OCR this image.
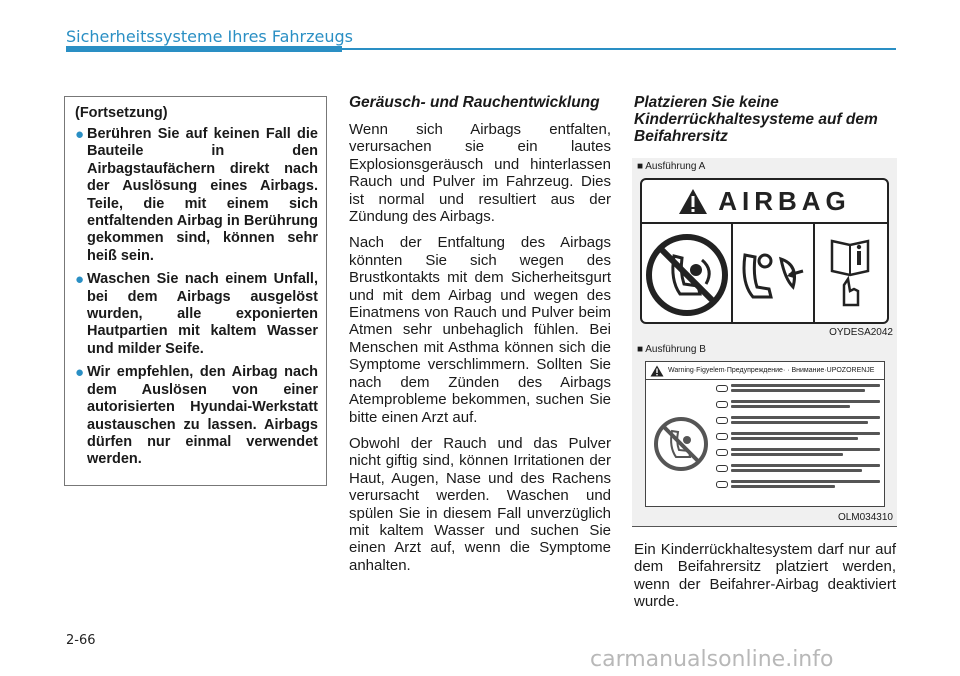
Sicherheitssysteme Ihres Fahrzeugs
(Fortsetzung)
● Berühren Sie auf keinen Fall die Bauteile in den Airbagstaufächern direkt nach der Auslösung eines Airbags. Teile, die mit einem sich entfaltenden Airbag in Berührung gekommen sind, können sehr heiß sein.
● Waschen Sie nach einem Unfall, bei dem Airbags ausgelöst wurden, alle exponierten Hautpartien mit kaltem Wasser und milder Seife.
● Wir empfehlen, den Airbag nach dem Auslösen von einer autorisierten Hyundai-Werkstatt austauschen zu lassen. Airbags dürfen nur einmal verwendet werden.
Geräusch- und Rauchentwicklung

Wenn sich Airbags entfalten, verursachen sie ein lautes Explosionsgeräusch und hinterlassen Rauch und Pulver im Fahrzeug. Dies ist normal und resultiert aus der Zündung des Airbags.

Nach der Entfaltung des Airbags könnten Sie sich wegen des Brustkontakts mit dem Sicherheitsgurt und mit dem Airbag und wegen des Einatmens von Rauch und Pulver beim Atmen sehr unbehaglich fühlen. Bei Menschen mit Asthma können sich die Symptome verschlimmern. Sollten Sie nach dem Zünden des Airbags Atemprobleme bekommen, suchen Sie bitte einen Arzt auf.

Obwohl der Rauch und das Pulver nicht giftig sind, können Irritationen der Haut, Augen, Nase und des Rachens verursacht werden. Waschen und spülen Sie in diesem Fall unverzüglich mit kaltem Wasser und suchen Sie einen Arzt auf, wenn die Symptome anhalten.

Platzieren Sie keine Kinderrückhaltesysteme auf dem Beifahrersitz
■ Ausführung A
AIRBAG
OYDESA2042
■ Ausführung B
Warning·Figyelem·Предупреждение· · Внимание·UPOZORENJE
OLM034310

Ein Kinderrückhaltesystem darf nur auf dem Beifahrersitz platziert werden, wenn der Beifahrer-Airbag deaktiviert wurde.

2-66
carmanualsonline.info
